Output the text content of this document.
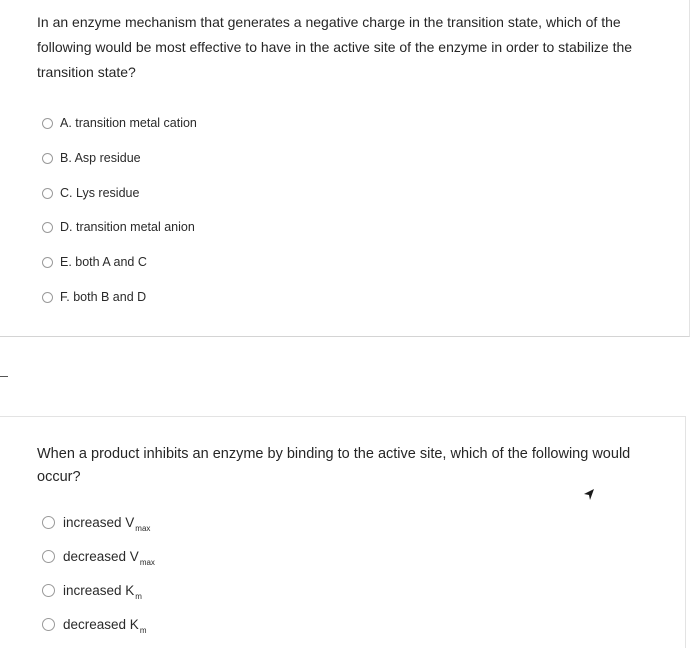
In an enzyme mechanism that generates a negative charge in the transition state, which of the following would be most effective to have in the active site of the enzyme in order to stabilize the transition state?

A. transition metal cation
B. Asp residue
C. Lys residue
D. transition metal anion
E. both A and C
F. both B and D

When a product inhibits an enzyme by binding to the active site, which of the following would occur?

increased $V_{max}$
decreased $V_{max}$
increased $K_m$
decreased $K_m$
